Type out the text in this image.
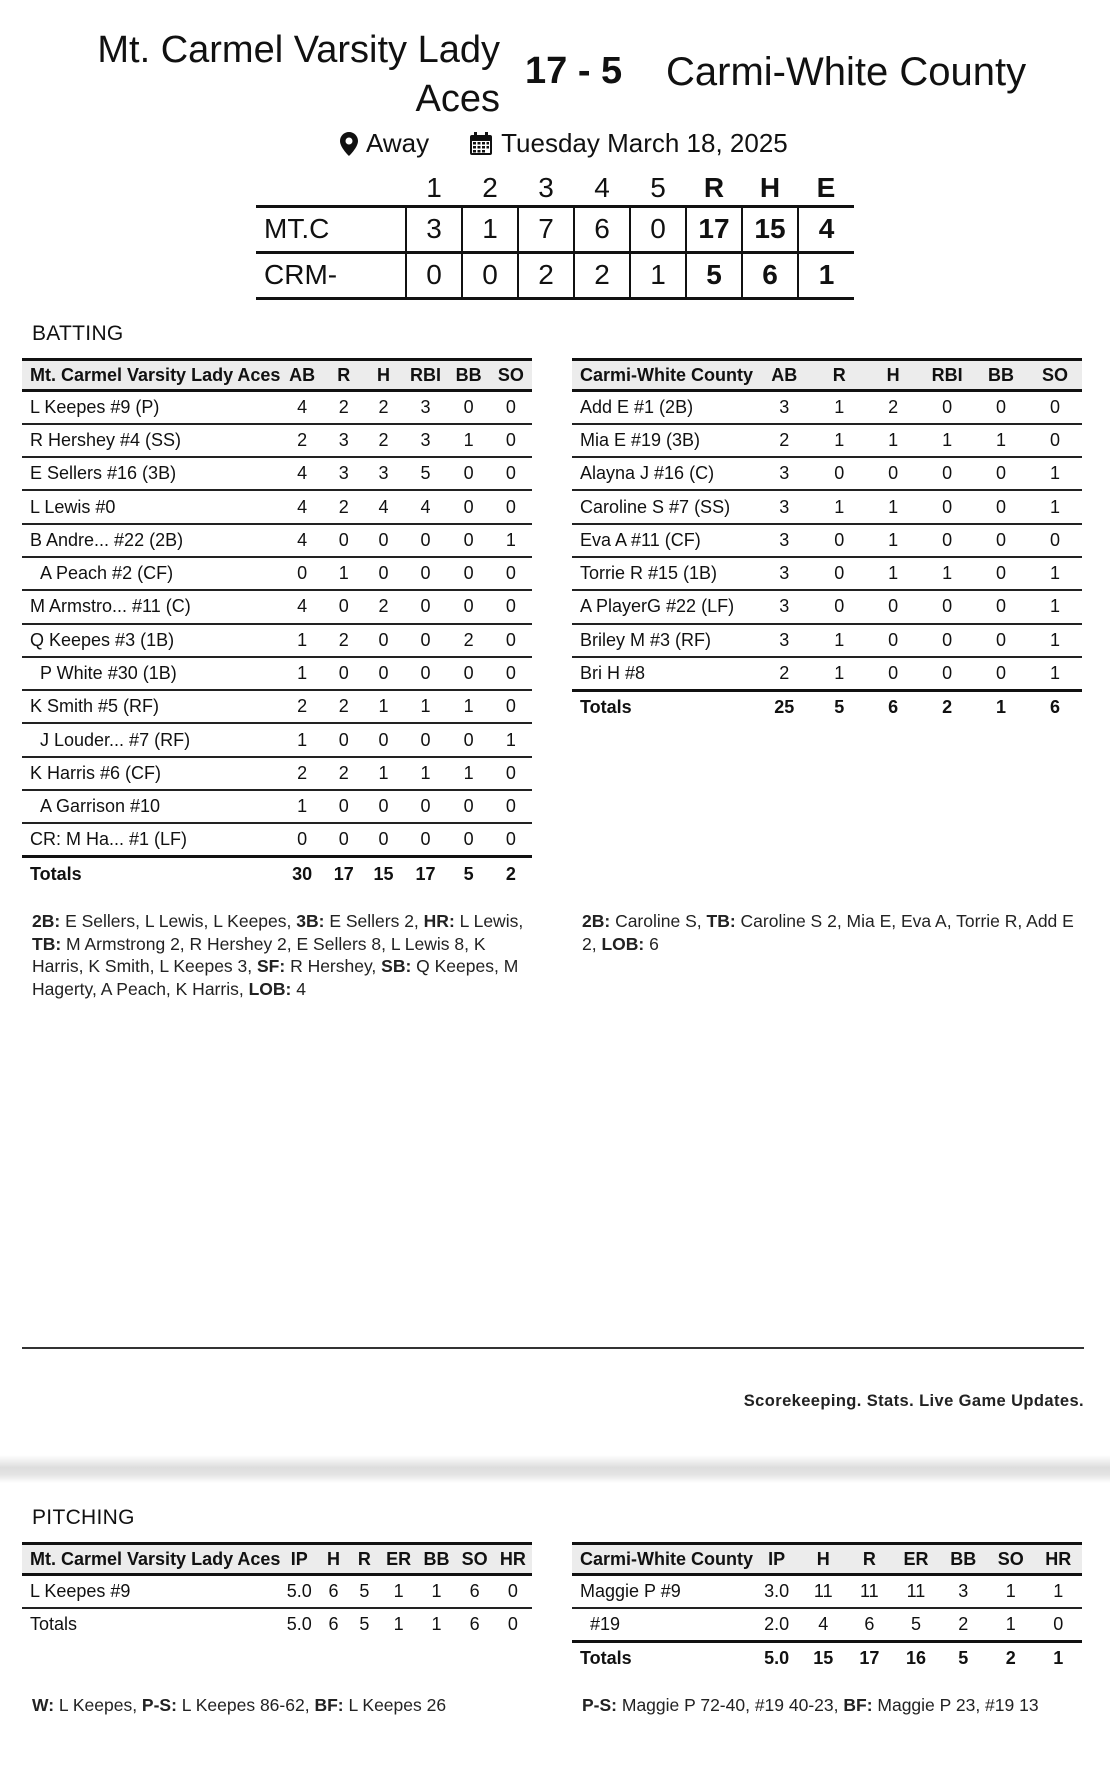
Mt. Carmel Varsity Lady Aces
17 - 5 Carmi-White County
Away	Tuesday March 18, 2025
	1	2	3	4	5	R	H	E
MT.C	3	1	7	6	0	17	15	4
CRM-	0	0	2	2	1	5	6	1
BATTING
Mt. Carmel Varsity Lady Aces	AB	R	H	RBI	BB	SO
L Keepes #9 (P)	4	2	2	3	0	0
R Hershey #4 (SS)	2	3	2	3	1	0
E Sellers #16 (3B)	4	3	3	5	0	0
L Lewis #0	4	2	4	4	0	0
B Andre... #22 (2B)	4	0	0	0	0	1
A Peach #2 (CF)	0	1	0	0	0	0
M Armstro... #11 (C)	4	0	2	0	0	0
Q Keepes #3 (1B)	1	2	0	0	2	0
P White #30 (1B)	1	0	0	0	0	0
K Smith #5 (RF)	2	2	1	1	1	0
J Louder... #7 (RF)	1	0	0	0	0	1
K Harris #6 (CF)	2	2	1	1	1	0
A Garrison #10	1	0	0	0	0	0
CR: M Ha... #1 (LF)	0	0	0	0	0	0
Totals	30	17	15	17	5	2
Carmi-White County	AB	R	H	RBI	BB	SO
Add E #1 (2B)	3	1	2	0	0	0
Mia E #19 (3B)	2	1	1	1	1	0
Alayna J #16 (C)	3	0	0	0	0	1
Caroline S #7 (SS)	3	1	1	0	0	1
Eva A #11 (CF)	3	0	1	0	0	0
Torrie R #15 (1B)	3	0	1	1	0	1
A PlayerG #22 (LF)	3	0	0	0	0	1
Briley M #3 (RF)	3	1	0	0	0	1
Bri H #8	2	1	0	0	0	1
Totals	25	5	6	2	1	6
2B: E Sellers, L Lewis, L Keepes, 3B: E Sellers 2, HR: L Lewis, TB: M Armstrong 2, R Hershey 2, E Sellers 8, L Lewis 8, K Harris, K Smith, L Keepes 3, SF: R Hershey, SB: Q Keepes, M Hagerty, A Peach, K Harris, LOB: 4
2B: Caroline S, TB: Caroline S 2, Mia E, Eva A, Torrie R, Add E 2, LOB: 6
Scorekeeping. Stats. Live Game Updates.
PITCHING
Mt. Carmel Varsity Lady Aces	IP	H	R	ER	BB	SO	HR
L Keepes #9	5.0	6	5	1	1	6	0
Totals	5.0	6	5	1	1	6	0
Carmi-White County	IP	H	R	ER	BB	SO	HR
Maggie P #9	3.0	11	11	11	3	1	1
#19	2.0	4	6	5	2	1	0
Totals	5.0	15	17	16	5	2	1
W: L Keepes, P-S: L Keepes 86-62, BF: L Keepes 26	P-S: Maggie P 72-40, #19 40-23, BF: Maggie P 23, #19 13
